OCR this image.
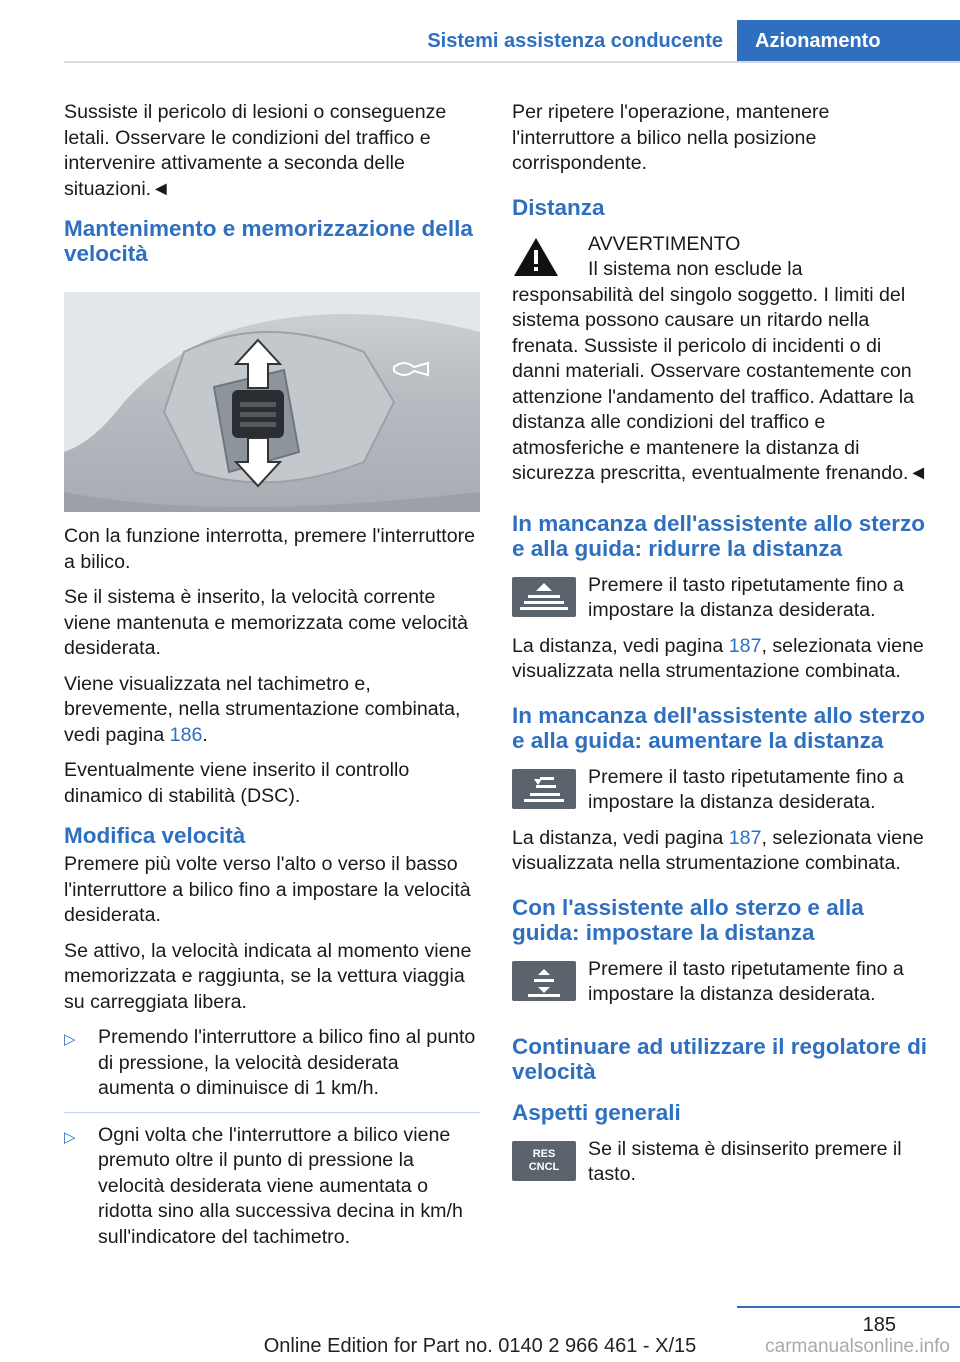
Sistemi assistenza conducente	Azionamento

Sussiste il pericolo di lesioni o conseguenze letali. Osservare le condizioni del traffico e intervenire attivamente a seconda delle situazioni.◄

Mantenimento e memorizzazione della velocità

Con la funzione interrotta, premere l'interruttore a bilico.

Se il sistema è inserito, la velocità corrente viene mantenuta e memorizzata come velocità desiderata.

Viene visualizzata nel tachimetro e, brevemente, nella strumentazione combinata, vedi pagina 186.

Eventualmente viene inserito il controllo dinamico di stabilità (DSC).

Modifica velocità

Premere più volte verso l'alto o verso il basso l'interruttore a bilico fino a impostare la velocità desiderata.

Se attivo, la velocità indicata al momento viene memorizzata e raggiunta, se la vettura viaggia su carreggiata libera.

▷	Premendo l'interruttore a bilico fino al punto di pressione, la velocità desiderata aumenta o diminuisce di 1 km/h.
▷	Ogni volta che l'interruttore a bilico viene premuto oltre il punto di pressione la velocità desiderata viene aumentata o ridotta sino alla successiva decina in km/h sull'indicatore del tachimetro.

Per ripetere l'operazione, mantenere l'interruttore a bilico nella posizione corrispondente.

Distanza
AVVERTIMENTO
Il sistema non esclude la responsabilità del singolo soggetto. I limiti del sistema possono causare un ritardo nella frenata. Sussiste il pericolo di incidenti o di danni materiali. Osservare costantemente con attenzione l'andamento del traffico. Adattare la distanza alle condizioni del traffico e atmosferiche e mantenere la distanza di sicurezza prescritta, eventualmente frenando.◄
In mancanza dell'assistente allo sterzo e alla guida: ridurre la distanza
Premere il tasto ripetutamente fino a impostare la distanza desiderata.

La distanza, vedi pagina 187, selezionata viene visualizzata nella strumentazione combinata.

In mancanza dell'assistente allo sterzo e alla guida: aumentare la distanza
Premere il tasto ripetutamente fino a impostare la distanza desiderata.

La distanza, vedi pagina 187, selezionata viene visualizzata nella strumentazione combinata.

Con l'assistente allo sterzo e alla guida: impostare la distanza
Premere il tasto ripetutamente fino a impostare la distanza desiderata.
Continuare ad utilizzare il regolatore di velocità
Aspetti generali
RES
CNCL
Se il sistema è disinserito premere il tasto.
185
Online Edition for Part no. 0140 2 966 461 - X/15	carmanualsonline.info
